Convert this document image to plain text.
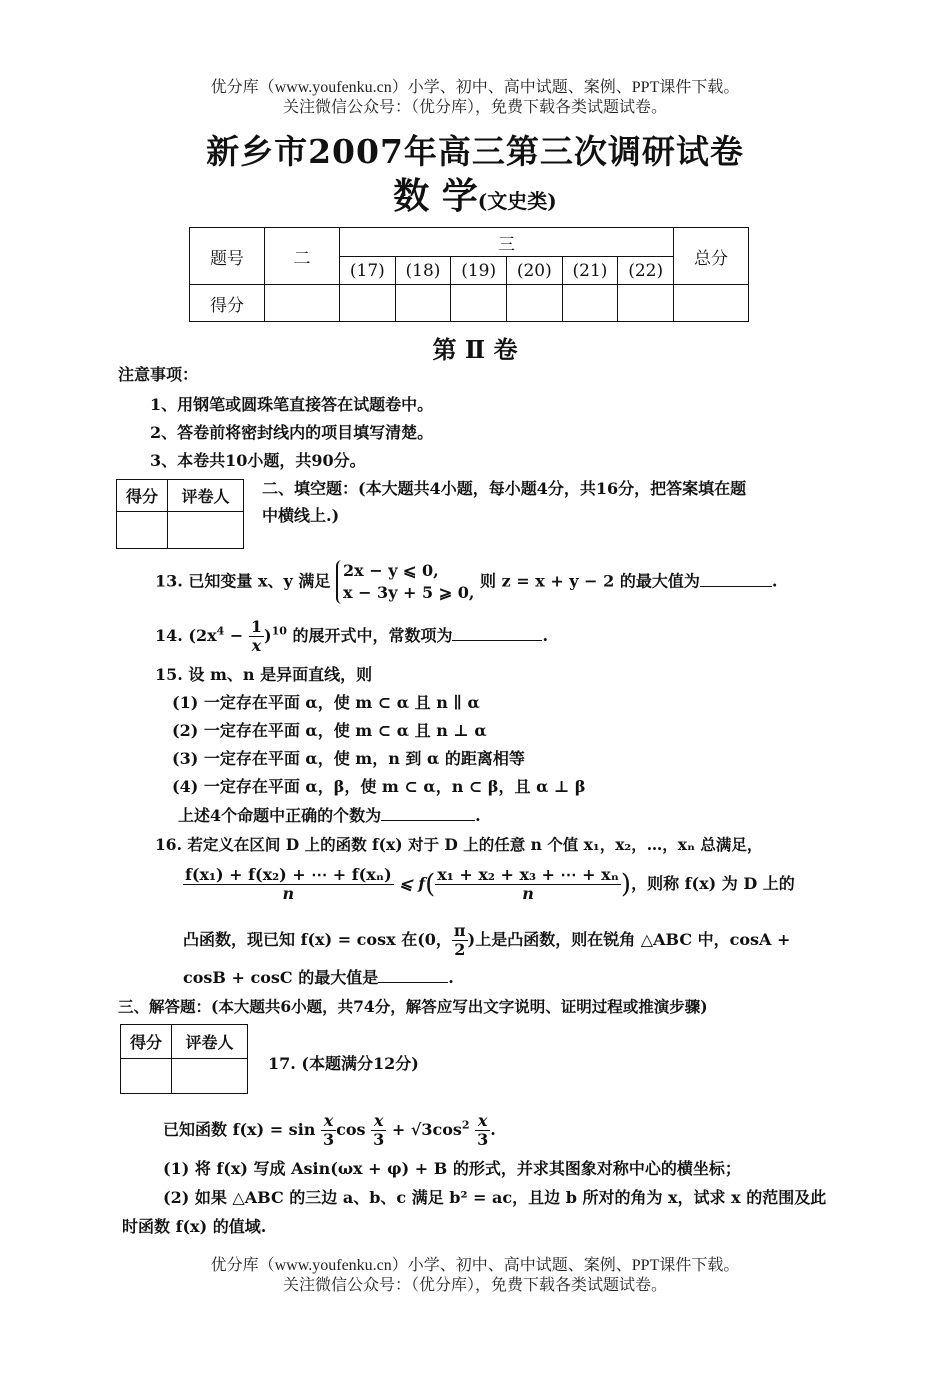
优分库（www.youfenku.cn）小学、初中、高中试题、案例、PPT课件下载。
关注微信公众号：（优分库），免费下载各类试题试卷。
新乡市2007年高三第三次调研试卷
数 学(文史类)
题号	二	三						总分
		(17)	(18)	(19)	(20)	(21)	(22)	
得分								
第 Ⅱ 卷
注意事项：
1、用钢笔或圆珠笔直接答在试题卷中。
2、答卷前将密封线内的项目填写清楚。
3、本卷共10小题，共90分。
得分	评卷人
	二、填空题：(本大题共4小题，每小题4分，共16分，把答案填在题
中横线上.)
13. 已知变量 x、y 满足
2x − y ⩽ 0,
x − 3y + 5 ⩾ 0,
则 z = x + y − 2 的最大值为	.
14. $(2x^4 - \frac{1}{x} )^{10}$ 的展开式中，常数项为	.
15. 设 m、n 是异面直线，则
(1) 一定存在平面 α，使 m ⊂ α 且 n ∥ α
(2) 一定存在平面 α，使 m ⊂ α 且 n ⊥ α
(3) 一定存在平面 α，使 m，n 到 α 的距离相等
(4) 一定存在平面 α，β，使 m ⊂ α，n ⊂ β，且 α ⊥ β
上述4个命题中正确的个数为	.
16. 若定义在区间 D 上的函数 f(x) 对于 D 上的任意 n 个值 x₁，x₂，…，xₙ 总满足，
$\frac{\text{f(x₁) + f(x₂) + ⋯ + f(xₙ)}}{n}$ ⩽ $f( \frac{\text{x₁ + x₂ + x₃ + ⋯ + xₙ}}{n}$ )，则称 f(x) 为 D 上的
凸函数，现已知 f(x) = cosx 在(0， $\frac{\pi}{2}$ )上是凸函数，则在锐角 △ABC 中，cosA +
cosB + cosC 的最大值是	.
三、解答题：(本大题共6小题，共74分，解答应写出文字说明、证明过程或推演步骤)
得分	评卷人

17. (本题满分12分)
已知函数 $f(x) = \sin \frac{x}{3}$ $\cos \frac{x}{3} + √3\cos^2 \frac{x}{3}$ .
(1) 将 f(x) 写成 Asin(ωx + φ) + B 的形式，并求其图象对称中心的横坐标；
(2) 如果 △ABC 的三边 a、b、c 满足 b² = ac，且边 b 所对的角为 x，试求 x 的范围及此
时函数 f(x) 的值域.
优分库（www.youfenku.cn）小学、初中、高中试题、案例、PPT课件下载。
关注微信公众号：（优分库），免费下载各类试题试卷。
